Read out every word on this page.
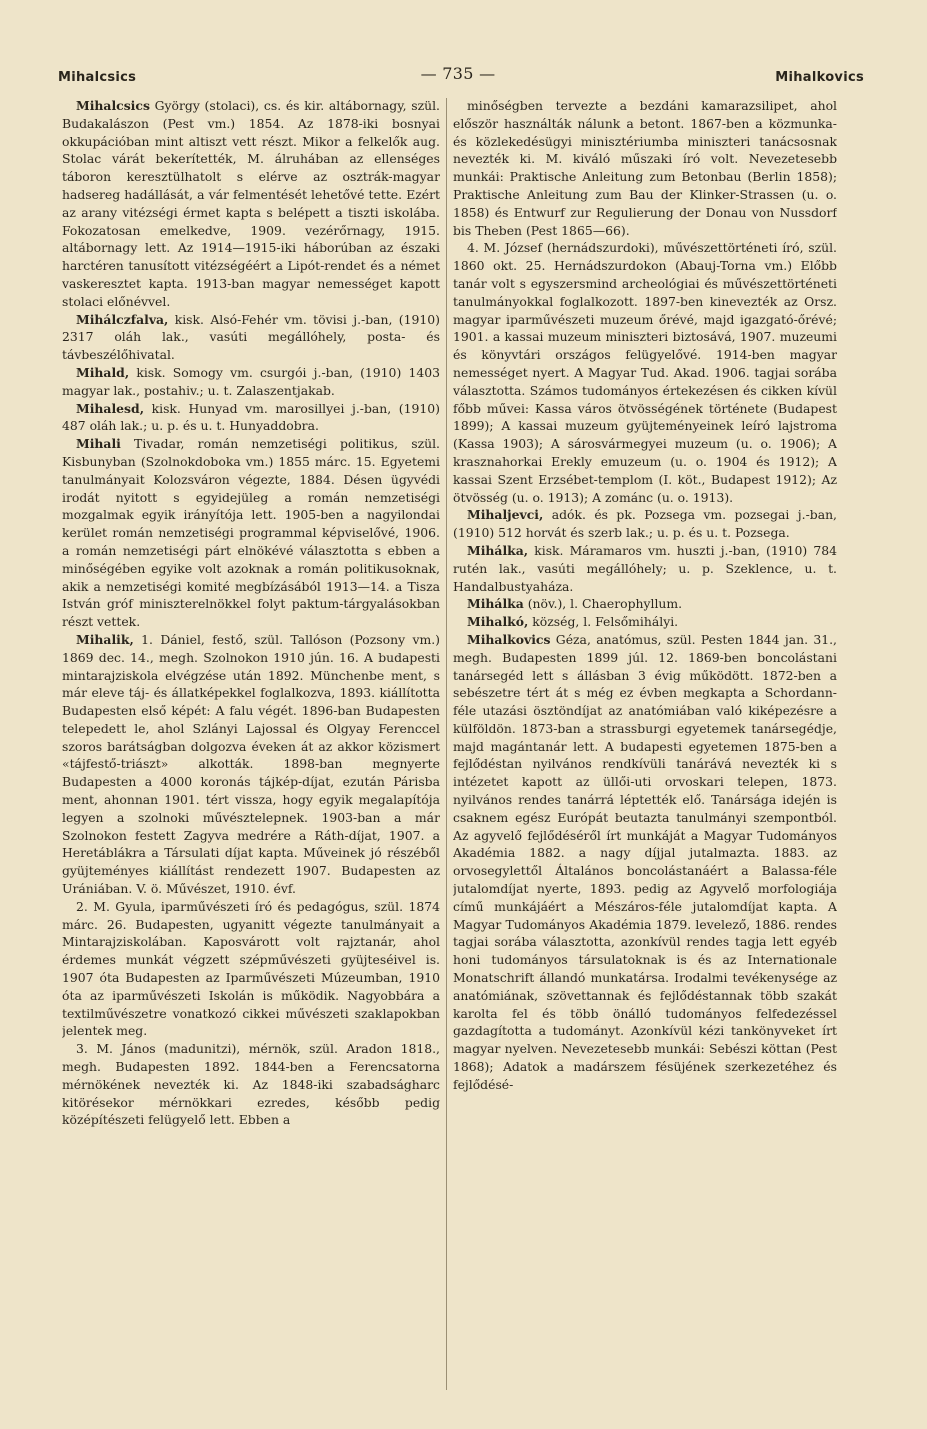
Mihalcsics	— 735 —	Mihalkovics

Mihalcsics György (stolaci), cs. és kir. altábornagy, szül. Budakalászon (Pest vm.) 1854. Az 1878-iki bosnyai okkupációban mint altiszt vett részt. Mikor a felkelők aug. Stolac várát bekerítették, M. álruhában az ellenséges táboron keresztülhatolt s elérve az osztrák-magyar hadsereg hadállását, a vár felmentését lehetővé tette. Ezért az arany vitézségi érmet kapta s belépett a tiszti iskolába. Fokozatosan emelkedve, 1909. vezérőrnagy, 1915. altábornagy lett. Az 1914—1915-iki háborúban az északi harctéren tanusított vitézségéért a Lipót-rendet és a német vaskeresztet kapta. 1913-ban magyar nemességet kapott stolaci előnévvel.

Mihálczfalva, kisk. Alsó-Fehér vm. tövisi j.-ban, (1910) 2317 oláh lak., vasúti megállóhely, posta- és távbeszélőhivatal.

Mihald, kisk. Somogy vm. csurgói j.-ban, (1910) 1403 magyar lak., postahiv.; u. t. Zalaszentjakab.

Mihalesd, kisk. Hunyad vm. marosillyei j.-ban, (1910) 487 oláh lak.; u. p. és u. t. Hunyaddobra.

Mihali Tivadar, román nemzetiségi politikus, szül. Kisbunyban (Szolnokdoboka vm.) 1855 márc. 15. Egyetemi tanulmányait Kolozsváron végezte, 1884. Désen ügyvédi irodát nyitott s egyidejüleg a román nemzetiségi mozgalmak egyik irányítója lett. 1905-ben a nagyilondai kerület román nemzetiségi programmal képviselővé, 1906. a román nemzetiségi párt elnökévé választotta s ebben a minőségében egyike volt azoknak a román politikusoknak, akik a nemzetiségi komité megbízásából 1913—14. a Tisza István gróf miniszterelnökkel folyt paktum-tárgyalásokban részt vettek.

Mihalik, 1. Dániel, festő, szül. Tallóson (Pozsony vm.) 1869 dec. 14., megh. Szolnokon 1910 jún. 16. A budapesti mintarajziskola elvégzése után 1892. Münchenbe ment, s már eleve táj- és állatképekkel foglalkozva, 1893. kiállította Budapesten első képét: A falu végét. 1896-ban Budapesten telepedett le, ahol Szlányi Lajossal és Olgyay Ferenccel szoros barátságban dolgozva éveken át az akkor közismert «tájfestő-triászt» alkották. 1898-ban megnyerte Budapesten a 4000 koronás tájkép-díjat, ezután Párisba ment, ahonnan 1901. tért vissza, hogy egyik megalapítója legyen a szolnoki művésztelepnek. 1903-ban a már Szolnokon festett Zagyva medrére a Ráth-díjat, 1907. a Heretáblákra a Társulati díjat kapta. Műveinek jó részéből gyüjteményes kiállítást rendezett 1907. Budapesten az Urániában. V. ö. Művészet, 1910. évf.

2. M. Gyula, iparművészeti író és pedagógus, szül. 1874 márc. 26. Budapesten, ugyanitt végezte tanulmányait a Mintarajziskolában. Kaposvárott volt rajztanár, ahol érdemes munkát végzett szépművészeti gyüjteséivel is. 1907 óta Budapesten az Iparművészeti Múzeumban, 1910 óta az iparművészeti Iskolán is működik. Nagyobbára a textilművészetre vonatkozó cikkei művészeti szaklapokban jelentek meg.

3. M. János (madunitzi), mérnök, szül. Aradon 1818., megh. Budapesten 1892. 1844-ben a Ferencsatorna mérnökének nevezték ki. Az 1848-iki szabadságharc kitörésekor mérnökkari ezredes, később pedig középítészeti felügyelő lett. Ebben a

minőségben tervezte a bezdáni kamarazsilipet, ahol először használták nálunk a betont. 1867-ben a közmunka- és közlekedésügyi minisztériumba miniszteri tanácsosnak nevezték ki. M. kiváló műszaki író volt. Nevezetesebb munkái: Praktische Anleitung zum Betonbau (Berlin 1858); Praktische Anleitung zum Bau der Klinker-Strassen (u. o. 1858) és Entwurf zur Regulierung der Donau von Nussdorf bis Theben (Pest 1865—66).

4. M. József (hernádszurdoki), művészettörténeti író, szül. 1860 okt. 25. Hernádszurdokon (Abauj-Torna vm.) Előbb tanár volt s egyszersmind archeológiai és művészettörténeti tanulmányokkal foglalkozott. 1897-ben kinevezték az Orsz. magyar iparművészeti muzeum őrévé, majd igazgató-őrévé; 1901. a kassai muzeum miniszteri biztosává, 1907. muzeumi és könyvtári országos felügyelővé. 1914-ben magyar nemességet nyert. A Magyar Tud. Akad. 1906. tagjai sorába választotta. Számos tudományos értekezésen és cikken kívül főbb művei: Kassa város ötvösségének története (Budapest 1899); A kassai muzeum gyüjteményeinek leíró lajstroma (Kassa 1903); A sárosvármegyei muzeum (u. o. 1906); A krasznahorkai Erekly emuzeum (u. o. 1904 és 1912); A kassai Szent Erzsébet-templom (I. köt., Budapest 1912); Az ötvösség (u. o. 1913); A zománc (u. o. 1913).

Mihaljevci, adók. és pk. Pozsega vm. pozsegai j.-ban, (1910) 512 horvát és szerb lak.; u. p. és u. t. Pozsega.

Mihálka, kisk. Máramaros vm. huszti j.-ban, (1910) 784 rutén lak., vasúti megállóhely; u. p. Szeklence, u. t. Handalbustyaháza.

Mihálka (növ.), l. Chaerophyllum.

Mihalkó, község, l. Felsőmihályi.

Mihalkovics Géza, anatómus, szül. Pesten 1844 jan. 31., megh. Budapesten 1899 júl. 12. 1869-ben boncolástani tanársegéd lett s állásban 3 évig működött. 1872-ben a sebészetre tért át s még ez évben megkapta a Schordann-féle utazási ösztöndíjat az anatómiában való kiképezésre a külföldön. 1873-ban a strassburgi egyetemek tanársegédje, majd magántanár lett. A budapesti egyetemen 1875-ben a fejlődéstan nyilvános rendkívüli tanárává nevezték ki s intézetet kapott az üllői-uti orvoskari telepen, 1873. nyilvános rendes tanárrá léptették elő. Tanársága idején is csaknem egész Európát beutazta tanulmányi szempontból. Az agyvelő fejlődéséről írt munkáját a Magyar Tudományos Akadémia 1882. a nagy díjjal jutalmazta. 1883. az orvosegylettől Általános boncolástanáért a Balassa-féle jutalomdíjat nyerte, 1893. pedig az Agyvelő morfologiája című munkájáért a Mészáros-féle jutalomdíjat kapta. A Magyar Tudományos Akadémia 1879. levelező, 1886. rendes tagjai sorába választotta, azonkívül rendes tagja lett egyéb honi tudományos társulatoknak is és az Internationale Monatschrift állandó munkatársa. Irodalmi tevékenysége az anatómiának, szövettannak és fejlődéstannak több szakát karolta fel és több önálló tudományos felfedezéssel gazdagította a tudományt. Azonkívül kézi tankönyveket írt magyar nyelven. Nevezetesebb munkái: Sebészi köttan (Pest 1868); Adatok a madárszem fésüjének szerkezetéhez és fejlődésé-
